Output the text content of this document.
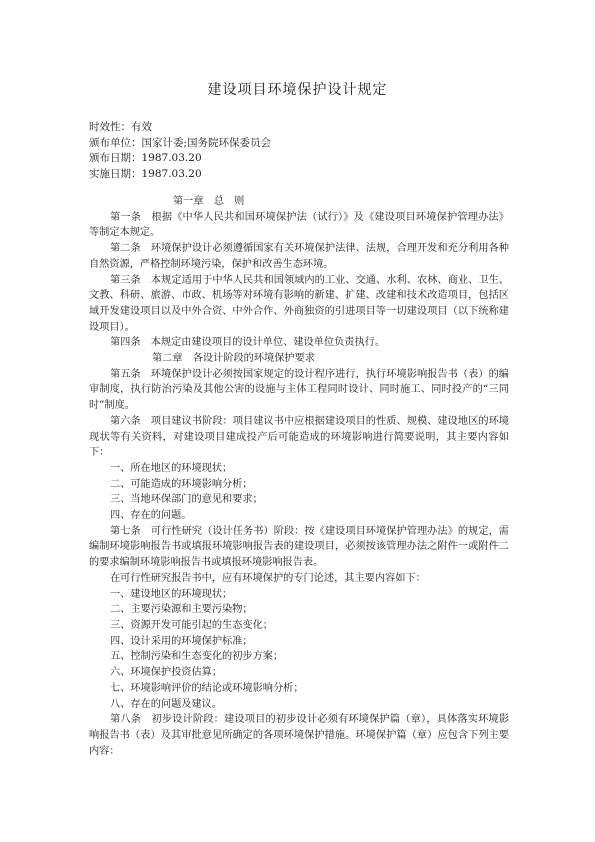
建设项目环境保护设计规定
时效性：有效
颁布单位：国家计委;国务院环保委员会
颁布日期：1987.03.20
实施日期：1987.03.20

第一章　总　则

第一条　根据《中华人民共和国环境保护法（试行）》及《建设项目环境保护管理办法》等制定本规定。

第二条　环境保护设计必须遵循国家有关环境保护法律、法规，合理开发和充分利用各种自然资源，严格控制环境污染，保护和改善生态环境。

第三条　本规定适用于中华人民共和国领域内的工业、交通、水利、农林、商业、卫生、文教、科研、旅游、市政、机场等对环境有影响的新建、扩建、改建和技术改造项目，包括区域开发建设项目以及中外合资、中外合作、外商独资的引进项目等一切建设项目（以下统称建设项目）。

第四条　本规定由建设项目的设计单位、建设单位负责执行。

第二章　各设计阶段的环境保护要求

第五条　环境保护设计必须按国家规定的设计程序进行，执行环境影响报告书（表）的编审制度，执行防治污染及其他公害的设施与主体工程同时设计、同时施工、同时投产的“三同时”制度。

第六条　项目建议书阶段：项目建议书中应根据建设项目的性质、规模、建设地区的环境现状等有关资料，对建设项目建成投产后可能造成的环境影响进行简要说明，其主要内容如下：

一、所在地区的环境现状；

二、可能造成的环境影响分析；

三、当地环保部门的意见和要求；

四、存在的问题。

第七条　可行性研究（设计任务书）阶段：按《建设项目环境保护管理办法》的规定，需编制环境影响报告书或填报环境影响报告表的建设项目，必须按该管理办法之附件一或附件二的要求编制环境影响报告书或填报环境影响报告表。

在可行性研究报告书中，应有环境保护的专门论述，其主要内容如下：

一、建设地区的环境现状；

二、主要污染源和主要污染物；

三、资源开发可能引起的生态变化；

四、设计采用的环境保护标准；

五、控制污染和生态变化的初步方案；

六、环境保护投资估算；

七、环境影响评价的结论或环境影响分析；

八、存在的问题及建议。

第八条　初步设计阶段：建设项目的初步设计必须有环境保护篇（章），具体落实环境影响报告书（表）及其审批意见所确定的各项环境保护措施。环境保护篇（章）应包含下列主要内容：
